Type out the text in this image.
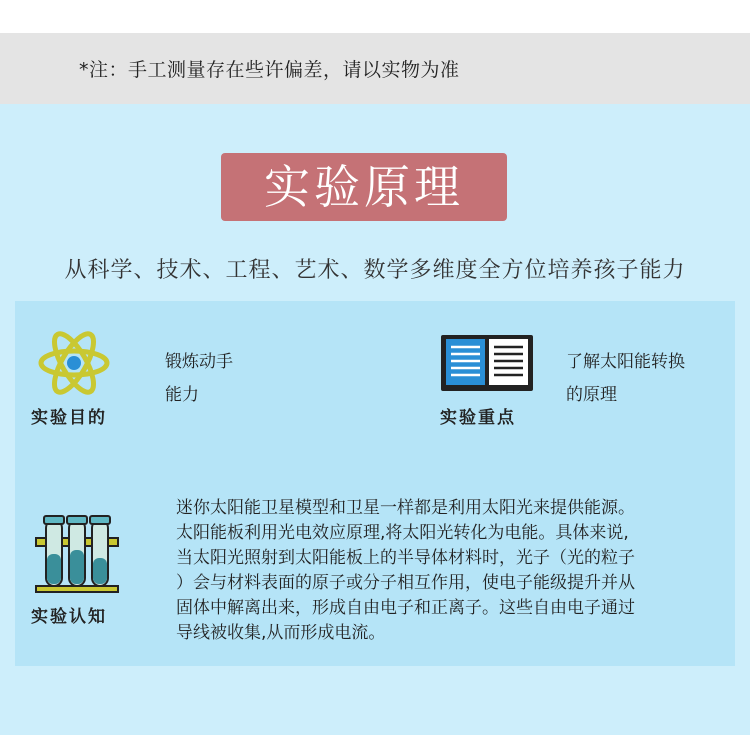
*注：手工测量存在些许偏差，请以实物为准
实验原理
从科学、技术、工程、艺术、数学多维度全方位培养孩子能力
实验目的
锻炼动手
能力
实验重点
了解太阳能转换
的原理
实验认知
迷你太阳能卫星模型和卫星一样都是利用太阳光来提供能源。
太阳能板利用光电效应原理,将太阳光转化为电能。具体来说,
当太阳光照射到太阳能板上的半导体材料时，光子（光的粒子
）会与材料表面的原子或分子相互作用，使电子能级提升并从
固体中解离出来，形成自由电子和正离子。这些自由电子通过
导线被收集,从而形成电流。
